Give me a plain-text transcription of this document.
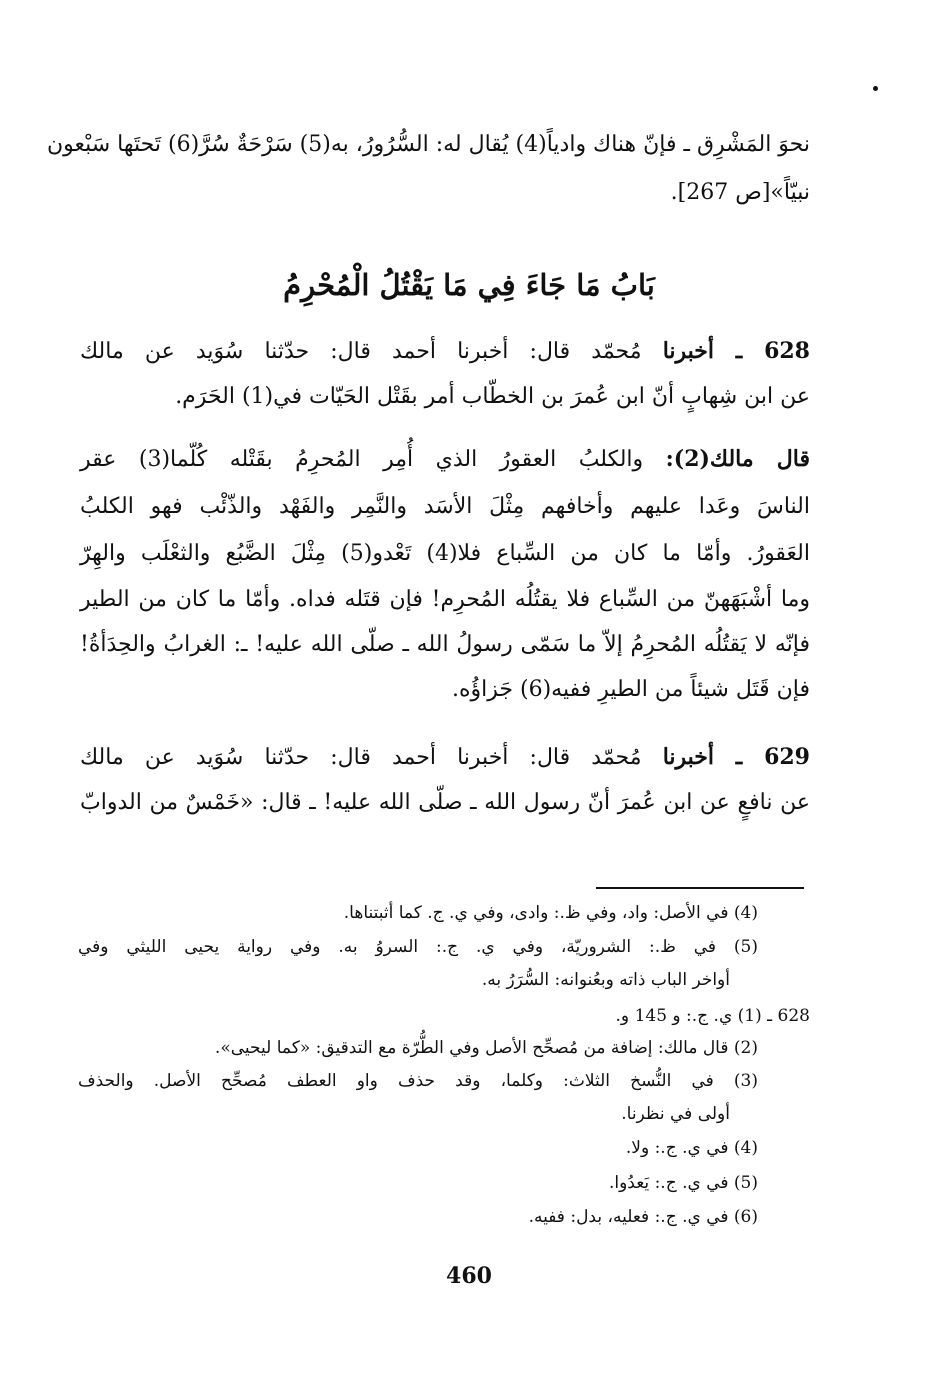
نحوَ المَشْرِق ـ فإنّ هناك وادياً(4) يُقال له: السُّرُورُ، به(5) سَرْحَةٌ سُرَّ(6) تَحتَها سَبْعون
نبيّاً»[ص 267].
بَابُ مَا جَاءَ فِي مَا يَقْتُلُ الْمُحْرِمُ
628 ـ أخبرنا مُحمّد قال: أخبرنا أحمد قال: حدّثنا سُوَيد عن مالك
عن ابن شِهابٍ أنّ ابن عُمرَ بن الخطّاب أمر بقَتْل الحَيّات في(1) الحَرَم.
قال مالك(2): والكلبُ العقورُ الذي أُمِر المُحرِمُ بقَتْله كُلّما(3) عقر
الناسَ وعَدا عليهم وأخافهم مِثْلَ الأسَد والنَّمِر والفَهْد والذّئْب فهو الكلبُ
العَقورُ. وأمّا ما كان من السِّباع فلا(4) تَعْدو(5) مِثْلَ الضَّبُع والثعْلَب والهِرّ
وما أشْبَهَهنّ من السِّباع فلا يقتُلُه المُحرِم! فإن قتَله فداه. وأمّا ما كان من الطير
فإنّه لا يَقتُلُه المُحرِمُ إلاّ ما سَمّى رسولُ الله ـ صلّى الله عليه! ـ: الغرابُ والحِدَأةُ!
فإن قَتَل شيئاً من الطيرِ ففيه(6) جَزاؤُه.
629 ـ أخبرنا مُحمّد قال: أخبرنا أحمد قال: حدّثنا سُوَيد عن مالك
عن نافعٍ عن ابن عُمرَ أنّ رسول الله ـ صلّى الله عليه! ـ قال: «خَمْسٌ من الدوابّ
(4) في الأصل: واد، وفي ظ.: وادى، وفي ي. ج. كما أثبتناها.
(5) في ظ.: الشروريّة، وفي ي. ج.: السروُ به. وفي رواية يحيى الليثي وفي
أواخر الباب ذاته وبعُنوانه: السُّرَرُ به.
628 ـ (1) ي. ج.: و 145 و.
(2) قال مالك: إضافة من مُصحِّح الأصل وفي الطُّرّة مع التدقيق: «كما ليحيى».
(3) في النُّسخ الثلاث: وكلما، وقد حذف واو العطف مُصحِّح الأصل. والحذف
أولى في نظرنا.
(4) في ي. ج.: ولا.
(5) في ي. ج.: يَعدُوا.
(6) في ي. ج.: فعليه، بدل: ففيه.
460
